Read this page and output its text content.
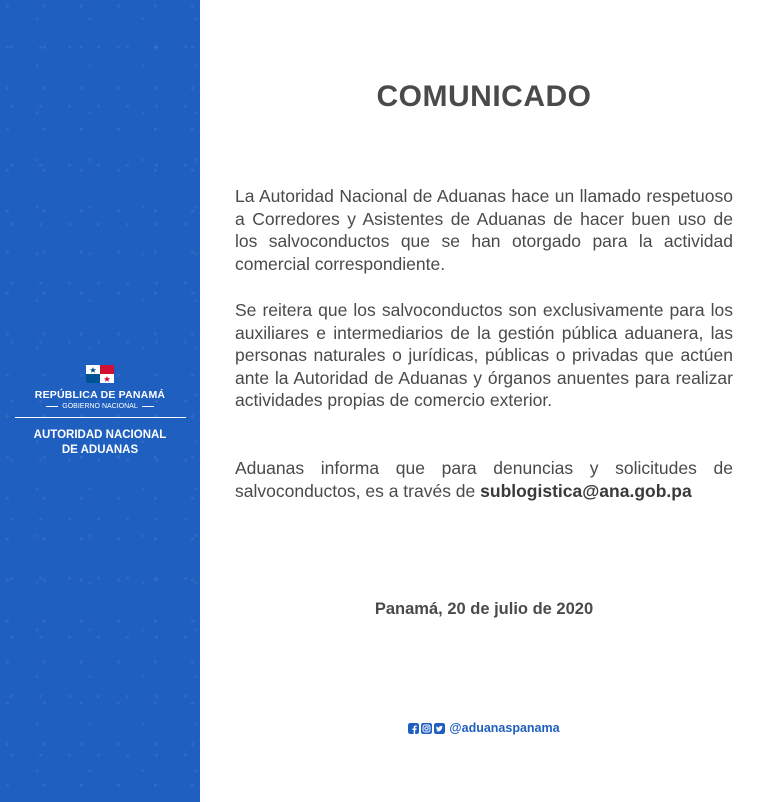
REPÚBLICA DE PANAMÁ
GOBIERNO NACIONAL
AUTORIDAD NACIONAL
DE ADUANAS
COMUNICADO

La Autoridad Nacional de Aduanas hace un llamado respetuoso a Corredores y Asistentes de Aduanas de hacer buen uso de los salvoconductos que se han otorgado para la actividad comercial correspondiente.

Se reitera que los salvoconductos son exclusivamente para los auxiliares e intermediarios de la gestión pública aduanera, las personas naturales o jurídicas, públicas o privadas que actúen ante la Autoridad de Aduanas y órganos anuentes para realizar actividades propias de comercio exterior.

Aduanas informa que para denuncias y solicitudes de salvoconductos, es a través de sublogistica@ana.gob.pa

Panamá, 20 de julio de 2020
@aduanaspanama
